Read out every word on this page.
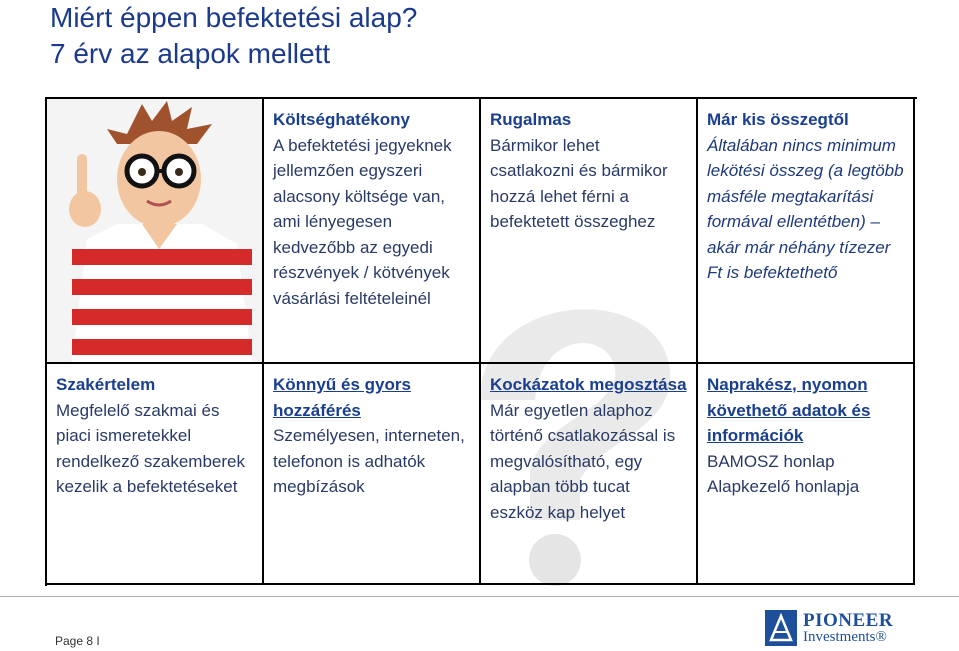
Miért éppen befektetési alap?
7 érv az alapok mellett
Költséghatékony
A befektetési jegyeknek jellemzően egyszeri alacsony költsége van, ami lényegesen kedvezőbb az egyedi részvények / kötvények vásárlási feltételeinél
Rugalmas
Bármikor lehet csatlakozni és bármikor hozzá lehet férni a befektetett összeghez
Már kis összegtől
Általában nincs minimum lekötési összeg (a legtöbb másféle megtakarítási formával ellentétben) – akár már néhány tízezer Ft is befektethető
Szakértelem
Megfelelő szakmai és piaci ismeretekkel rendelkező szakemberek kezelik a befektetéseket
Könnyű és gyors hozzáférés
Személyesen, interneten, telefonon is adhatók megbízások
Kockázatok megosztása
Már egyetlen alaphoz történő csatlakozással is megvalósítható, egy alapban több tucat eszköz kap helyet
Naprakész, nyomon követhető adatok és információk
BAMOSZ honlap
Alapkezelő honlapja
Page 8 I
PIONEER
Investments®
